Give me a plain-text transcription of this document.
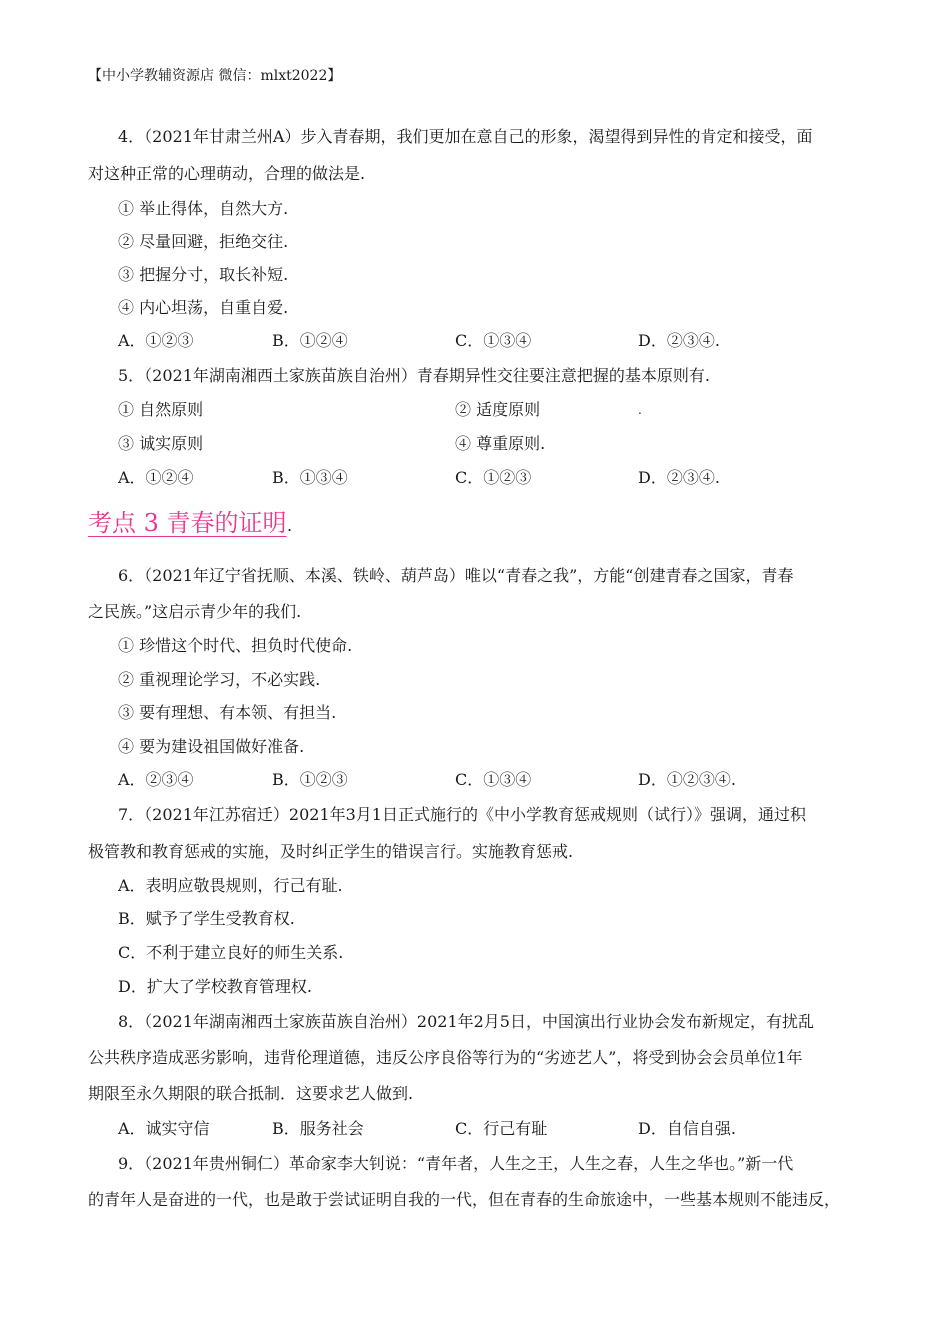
【中小学教辅资源店 微信：mlxt2022】
4．（2021年甘肃兰州A）步入青春期，我们更加在意自己的形象，渴望得到异性的肯定和接受，面
对这种正常的心理萌动，合理的做法是.
① 举止得体，自然大方.
② 尽量回避，拒绝交往.
③ 把握分寸，取长补短.
④ 内心坦荡，自重自爱.
A．①②③	B．①②④	C．①③④	D．②③④.
5．（2021年湖南湘西土家族苗族自治州）青春期异性交往要注意把握的基本原则有.
① 自然原则	② 适度原则	.
③ 诚实原则	④ 尊重原则.
A．①②④	B．①③④	C．①②③	D．②③④.
考点 3 青春的证明 .
6．（2021年辽宁省抚顺、本溪、铁岭、葫芦岛）唯以“青春之我”，方能“创建青春之国家，青春
之民族。”这启示青少年的我们.
① 珍惜这个时代、担负时代使命.
② 重视理论学习，不必实践.
③ 要有理想、有本领、有担当.
④ 要为建设祖国做好准备.
A．②③④	B．①②③	C．①③④	D．①②③④.
7．（2021年江苏宿迁）2021年3月1日正式施行的《中小学教育惩戒规则（试行）》强调，通过积
极管教和教育惩戒的实施，及时纠正学生的错误言行。实施教育惩戒.
A．表明应敬畏规则，行己有耻.
B．赋予了学生受教育权.
C．不利于建立良好的师生关系.
D．扩大了学校教育管理权.
8．（2021年湖南湘西土家族苗族自治州）2021年2月5日，中国演出行业协会发布新规定，有扰乱
公共秩序造成恶劣影响，违背伦理道德，违反公序良俗等行为的“劣迹艺人”，将受到协会会员单位1年
期限至永久期限的联合抵制．这要求艺人做到.
A．诚实守信	B．服务社会	C．行己有耻	D．自信自强.
9．（2021年贵州铜仁）革命家李大钊说：“青年者，人生之王，人生之春，人生之华也。”新一代
的青年人是奋进的一代，也是敢于尝试证明自我的一代，但在青春的生命旅途中，一些基本规则不能违反，
